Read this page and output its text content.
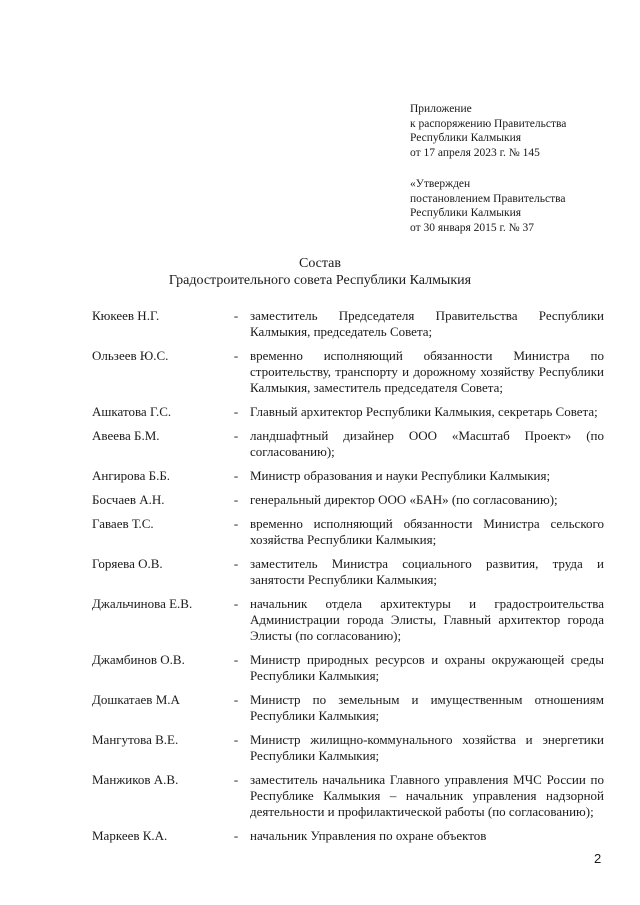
Приложение
к распоряжению Правительства
Республики Калмыкия
от 17 апреля 2023 г. № 145
«Утвержден
постановлением Правительства
Республики Калмыкия
от 30 января 2015 г. № 37
Состав
Градостроительного совета Республики Калмыкия
Кюкеев Н.Г.	- заместитель Председателя Правительства Республики Калмыкия, председатель Совета;
Ользеев Ю.С.	- временно исполняющий обязанности Министра по строительству, транспорту и дорожному хозяйству Республики Калмыкия, заместитель председателя Совета;
Ашкатова Г.С.	- Главный архитектор Республики Калмыкия, секретарь Совета;
Авеева Б.М.	- ландшафтный дизайнер ООО «Масштаб Проект» (по согласованию);
Ангирова Б.Б.	- Министр образования и науки Республики Калмыкия;
Босчаев А.Н.	- генеральный директор ООО «БАН» (по согласованию);
Гаваев Т.С.	- временно исполняющий обязанности Министра сельского хозяйства Республики Калмыкия;
Горяева О.В.	- заместитель Министра социального развития, труда и занятости Республики Калмыкия;
Джальчинова Е.В.	- начальник отдела архитектуры и градостроительства Администрации города Элисты, Главный архитектор города Элисты (по согласованию);
Джамбинов О.В.	- Министр природных ресурсов и охраны окружающей среды Республики Калмыкия;
Дошкатаев М.А	- Министр по земельным и имущественным отношениям Республики Калмыкия;
Мангутова В.Е.	- Министр жилищно-коммунального хозяйства и энергетики Республики Калмыкия;
Манжиков А.В.	- заместитель начальника Главного управления МЧС России по Республике Калмыкия – начальник управления надзорной деятельности и профилактической работы (по согласованию);
Маркеев К.А.	- начальник Управления по охране объектов
2
